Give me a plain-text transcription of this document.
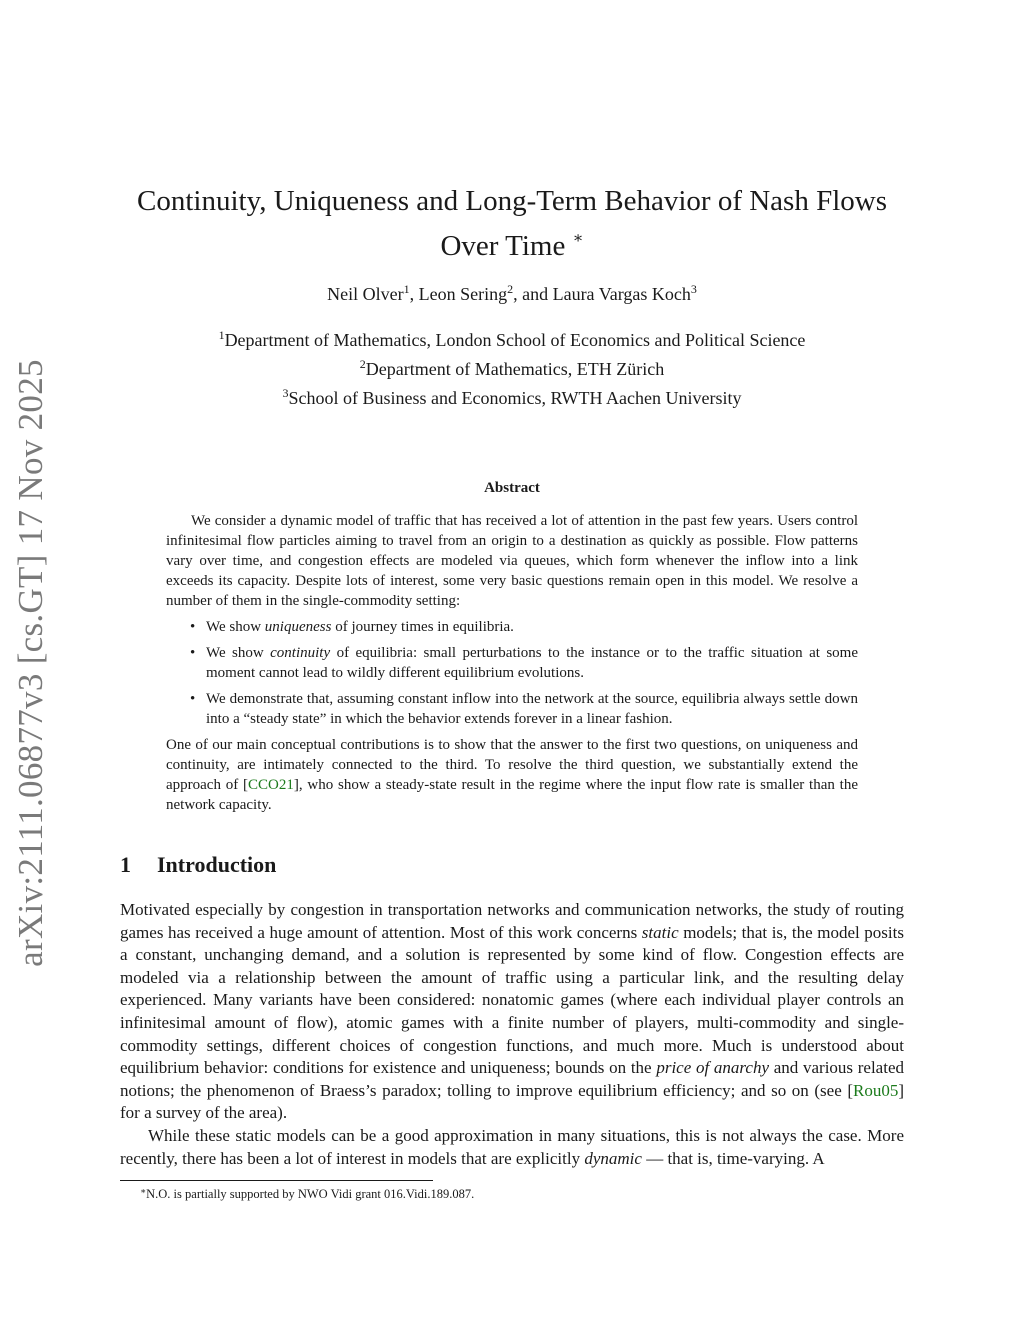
arXiv:2111.06877v3 [cs.GT] 17 Nov 2025
Continuity, Uniqueness and Long-Term Behavior of Nash Flows Over Time ∗
Neil Olver$^1$, Leon Sering$^2$, and Laura Vargas Koch$^3$
$^1$Department of Mathematics, London School of Economics and Political Science
$^2$Department of Mathematics, ETH Zürich
$^3$School of Business and Economics, RWTH Aachen University
Abstract

We consider a dynamic model of traffic that has received a lot of attention in the past few years. Users control infinitesimal flow particles aiming to travel from an origin to a destination as quickly as possible. Flow patterns vary over time, and congestion effects are modeled via queues, which form whenever the inflow into a link exceeds its capacity. Despite lots of interest, some very basic questions remain open in this model. We resolve a number of them in the single-commodity setting:

• We show uniqueness of journey times in equilibria.
• We show continuity of equilibria: small perturbations to the instance or to the traffic situation at some moment cannot lead to wildly different equilibrium evolutions.
• We demonstrate that, assuming constant inflow into the network at the source, equilibria always settle down into a “steady state” in which the behavior extends forever in a linear fashion.

One of our main conceptual contributions is to show that the answer to the first two questions, on uniqueness and continuity, are intimately connected to the third. To resolve the third question, we substantially extend the approach of [CCO21], who show a steady-state result in the regime where the input flow rate is smaller than the network capacity.

1 Introduction

Motivated especially by congestion in transportation networks and communication networks, the study of routing games has received a huge amount of attention. Most of this work concerns static models; that is, the model posits a constant, unchanging demand, and a solution is represented by some kind of flow. Congestion effects are modeled via a relationship between the amount of traffic using a particular link, and the resulting delay experienced. Many variants have been considered: nonatomic games (where each individual player controls an infinitesimal amount of flow), atomic games with a finite number of players, multi-commodity and single-commodity settings, different choices of congestion functions, and much more. Much is understood about equilibrium behavior: conditions for existence and uniqueness; bounds on the price of anarchy and various related notions; the phenomenon of Braess’s paradox; tolling to improve equilibrium efficiency; and so on (see [Rou05] for a survey of the area).

While these static models can be a good approximation in many situations, this is not always the case. More recently, there has been a lot of interest in models that are explicitly dynamic — that is, time-varying. A

∗N.O. is partially supported by NWO Vidi grant 016.Vidi.189.087.
